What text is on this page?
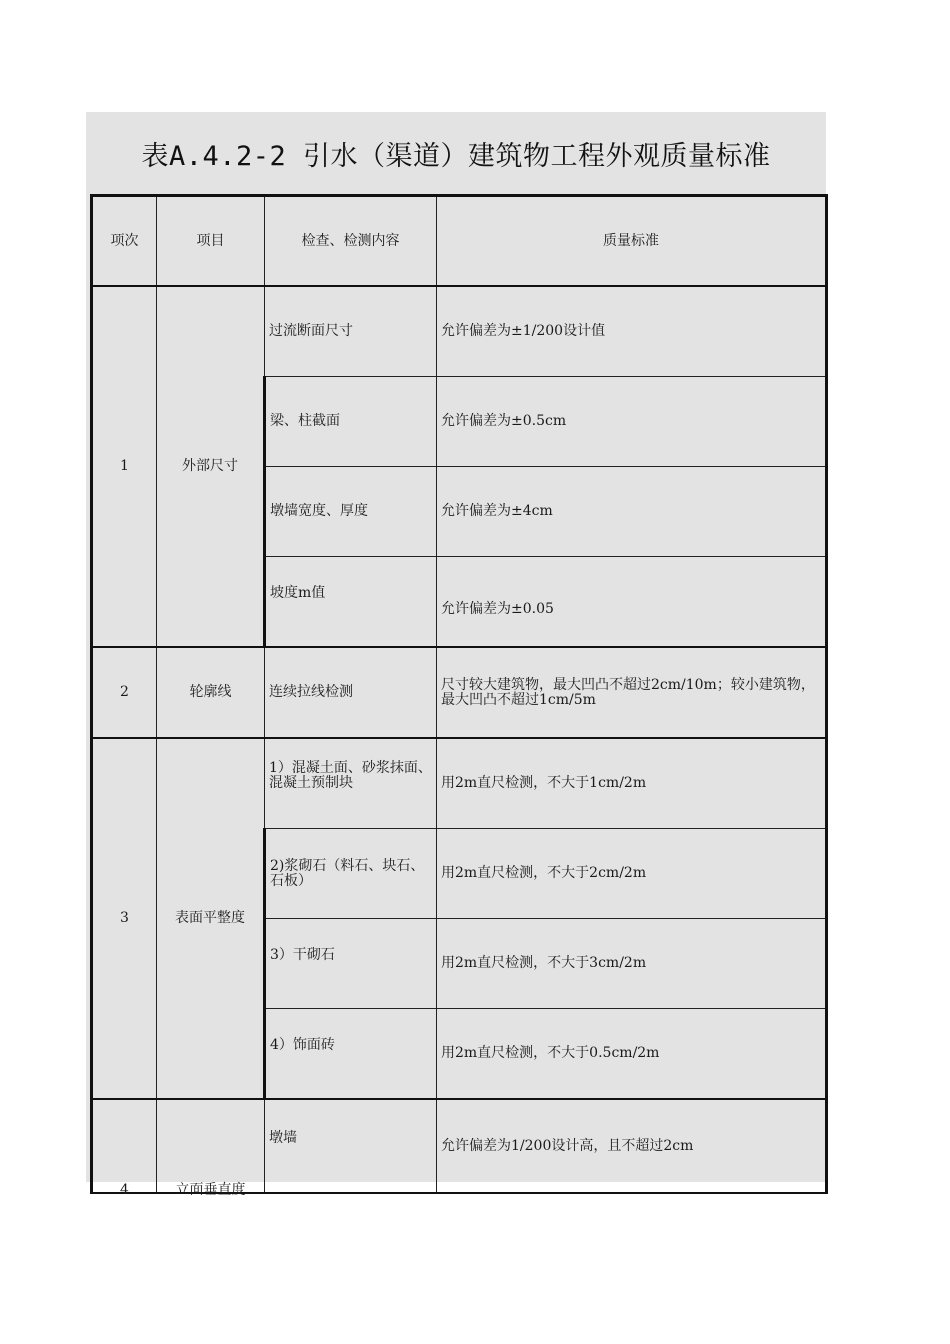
表A.4.2-2 引水（渠道）建筑物工程外观质量标准
项次	项目	检查、检测内容	质量标准
1	外部尺寸	过流断面尺寸	允许偏差为±1/200设计值
		梁、柱截面	允许偏差为±0.5cm
		墩墙宽度、厚度	允许偏差为±4cm

		坡度m值	允许偏差为±0.05

2	轮廓线	连续拉线检测	尺寸较大建筑物，最大凹凸不超过2cm/10m；较小建筑物，最大凹凸不超过1cm/5m
3	表面平整度	1）混凝土面、砂浆抹面、混凝土预制块	用2m直尺检测，不大于1cm/2m
		2)浆砌石（料石、块石、石板）	用2m直尺检测，不大于2cm/2m

		3）干砌石	用2m直尺检测，不大于3cm/2m

		4）饰面砖	用2m直尺检测，不大于0.5cm/2m

4	立面垂直度	墩墙	允许偏差为1/200设计高，且不超过2cm
